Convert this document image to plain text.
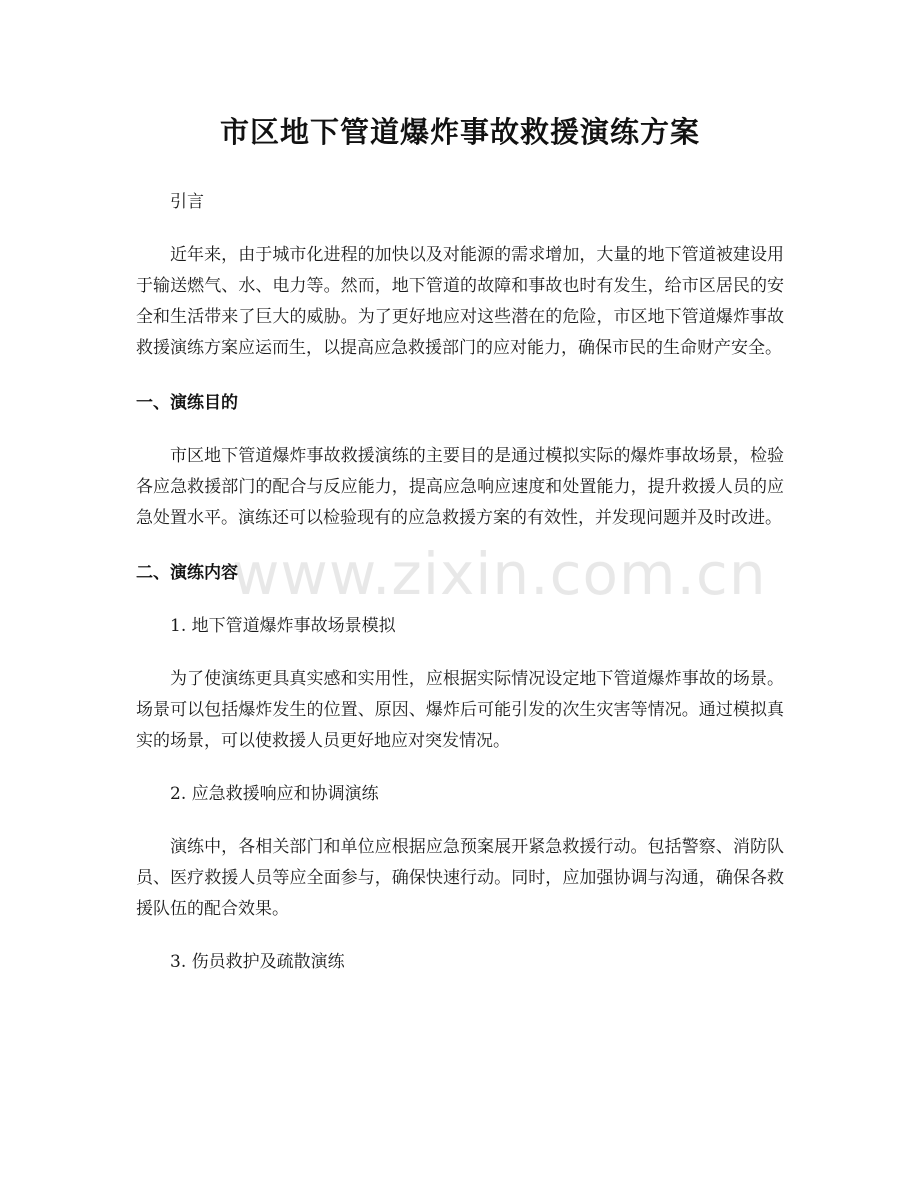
市区地下管道爆炸事故救援演练方案

引言

近年来，由于城市化进程的加快以及对能源的需求增加，大量的地下管道被建设用于输送燃气、水、电力等。然而，地下管道的故障和事故也时有发生，给市区居民的安全和生活带来了巨大的威胁。为了更好地应对这些潜在的危险，市区地下管道爆炸事故救援演练方案应运而生，以提高应急救援部门的应对能力，确保市民的生命财产安全。

一、演练目的

市区地下管道爆炸事故救援演练的主要目的是通过模拟实际的爆炸事故场景，检验各应急救援部门的配合与反应能力，提高应急响应速度和处置能力，提升救援人员的应急处置水平。演练还可以检验现有的应急救援方案的有效性，并发现问题并及时改进。

二、演练内容

1. 地下管道爆炸事故场景模拟

为了使演练更具真实感和实用性，应根据实际情况设定地下管道爆炸事故的场景。场景可以包括爆炸发生的位置、原因、爆炸后可能引发的次生灾害等情况。通过模拟真实的场景，可以使救援人员更好地应对突发情况。

2. 应急救援响应和协调演练

演练中，各相关部门和单位应根据应急预案展开紧急救援行动。包括警察、消防队员、医疗救援人员等应全面参与，确保快速行动。同时，应加强协调与沟通，确保各救援队伍的配合效果。

3. 伤员救护及疏散演练

www.zixin.com.cn
